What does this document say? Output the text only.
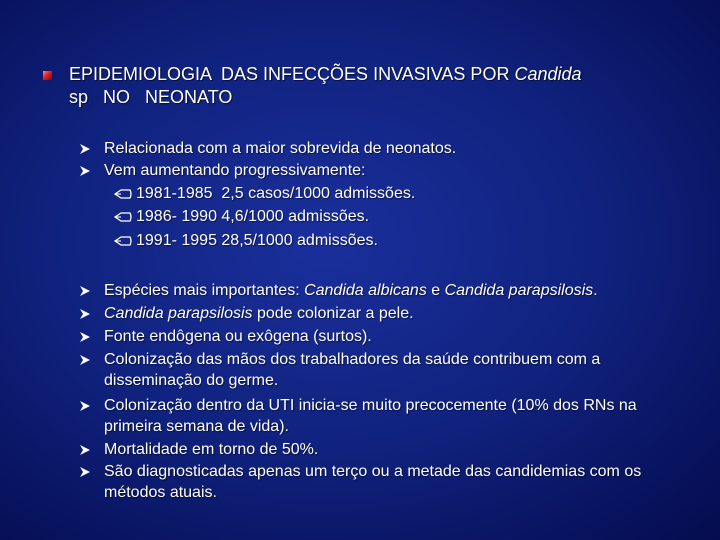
EPIDEMIOLOGIA  DAS INFECÇÕES INVASIVAS POR Candida
sp   NO   NEONATO
Relacionada com a maior sobrevida de neonatos.
Vem aumentando progressivamente:
1981-1985  2,5 casos/1000 admissões.
1986- 1990 4,6/1000 admissões.
1991- 1995 28,5/1000 admissões.
Espécies mais importantes: Candida albicans e Candida parapsilosis.
Candida parapsilosis pode colonizar a pele.
Fonte endôgena ou exôgena (surtos).
Colonização das mãos dos trabalhadores da saúde contribuem com a disseminação do germe.
Colonização dentro da UTI inicia-se muito precocemente (10% dos RNs na primeira semana de vida).
Mortalidade em torno de 50%.
São diagnosticadas apenas um terço ou a metade das candidemias com os métodos atuais.
